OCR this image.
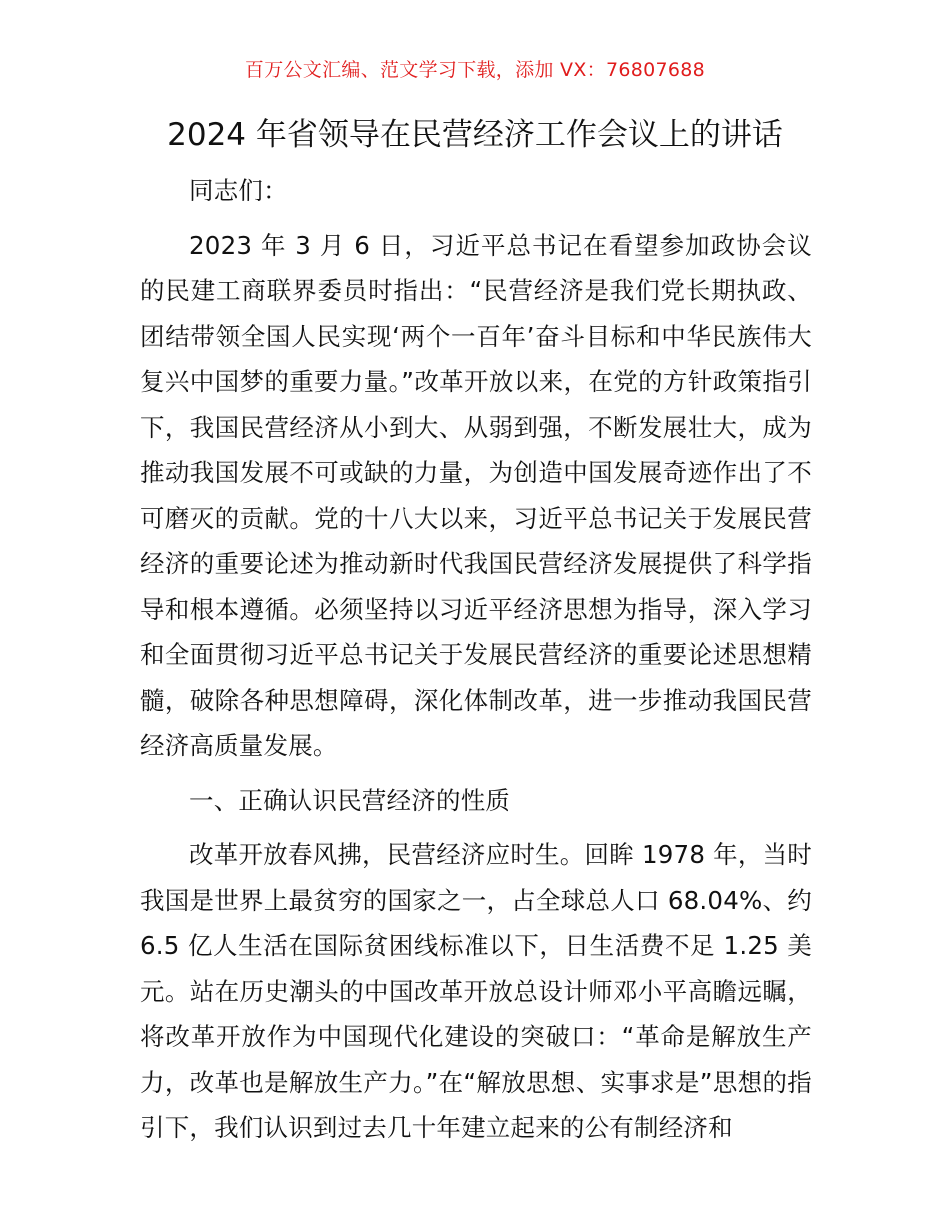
百万公文汇编、范文学习下载，添加 VX：76807688
2024 年省领导在民营经济工作会议上的讲话

同志们：

2023 年 3 月 6 日，习近平总书记在看望参加政协会议的民建工商联界委员时指出：“民营经济是我们党长期执政、团结带领全国人民实现‘两个一百年’奋斗目标和中华民族伟大复兴中国梦的重要力量。”改革开放以来，在党的方针政策指引下，我国民营经济从小到大、从弱到强，不断发展壮大，成为推动我国发展不可或缺的力量，为创造中国发展奇迹作出了不可磨灭的贡献。党的十八大以来，习近平总书记关于发展民营经济的重要论述为推动新时代我国民营经济发展提供了科学指导和根本遵循。必须坚持以习近平经济思想为指导，深入学习和全面贯彻习近平总书记关于发展民营经济的重要论述思想精髓，破除各种思想障碍，深化体制改革，进一步推动我国民营经济高质量发展。

一、正确认识民营经济的性质

改革开放春风拂，民营经济应时生。回眸 1978 年，当时我国是世界上最贫穷的国家之一，占全球总人口 68.04%、约 6.5 亿人生活在国际贫困线标准以下，日生活费不足 1.25 美元。站在历史潮头的中国改革开放总设计师邓小平高瞻远瞩，将改革开放作为中国现代化建设的突破口：“革命是解放生产力，改革也是解放生产力。”在“解放思想、实事求是”思想的指引下，我们认识到过去几十年建立起来的公有制经济和
